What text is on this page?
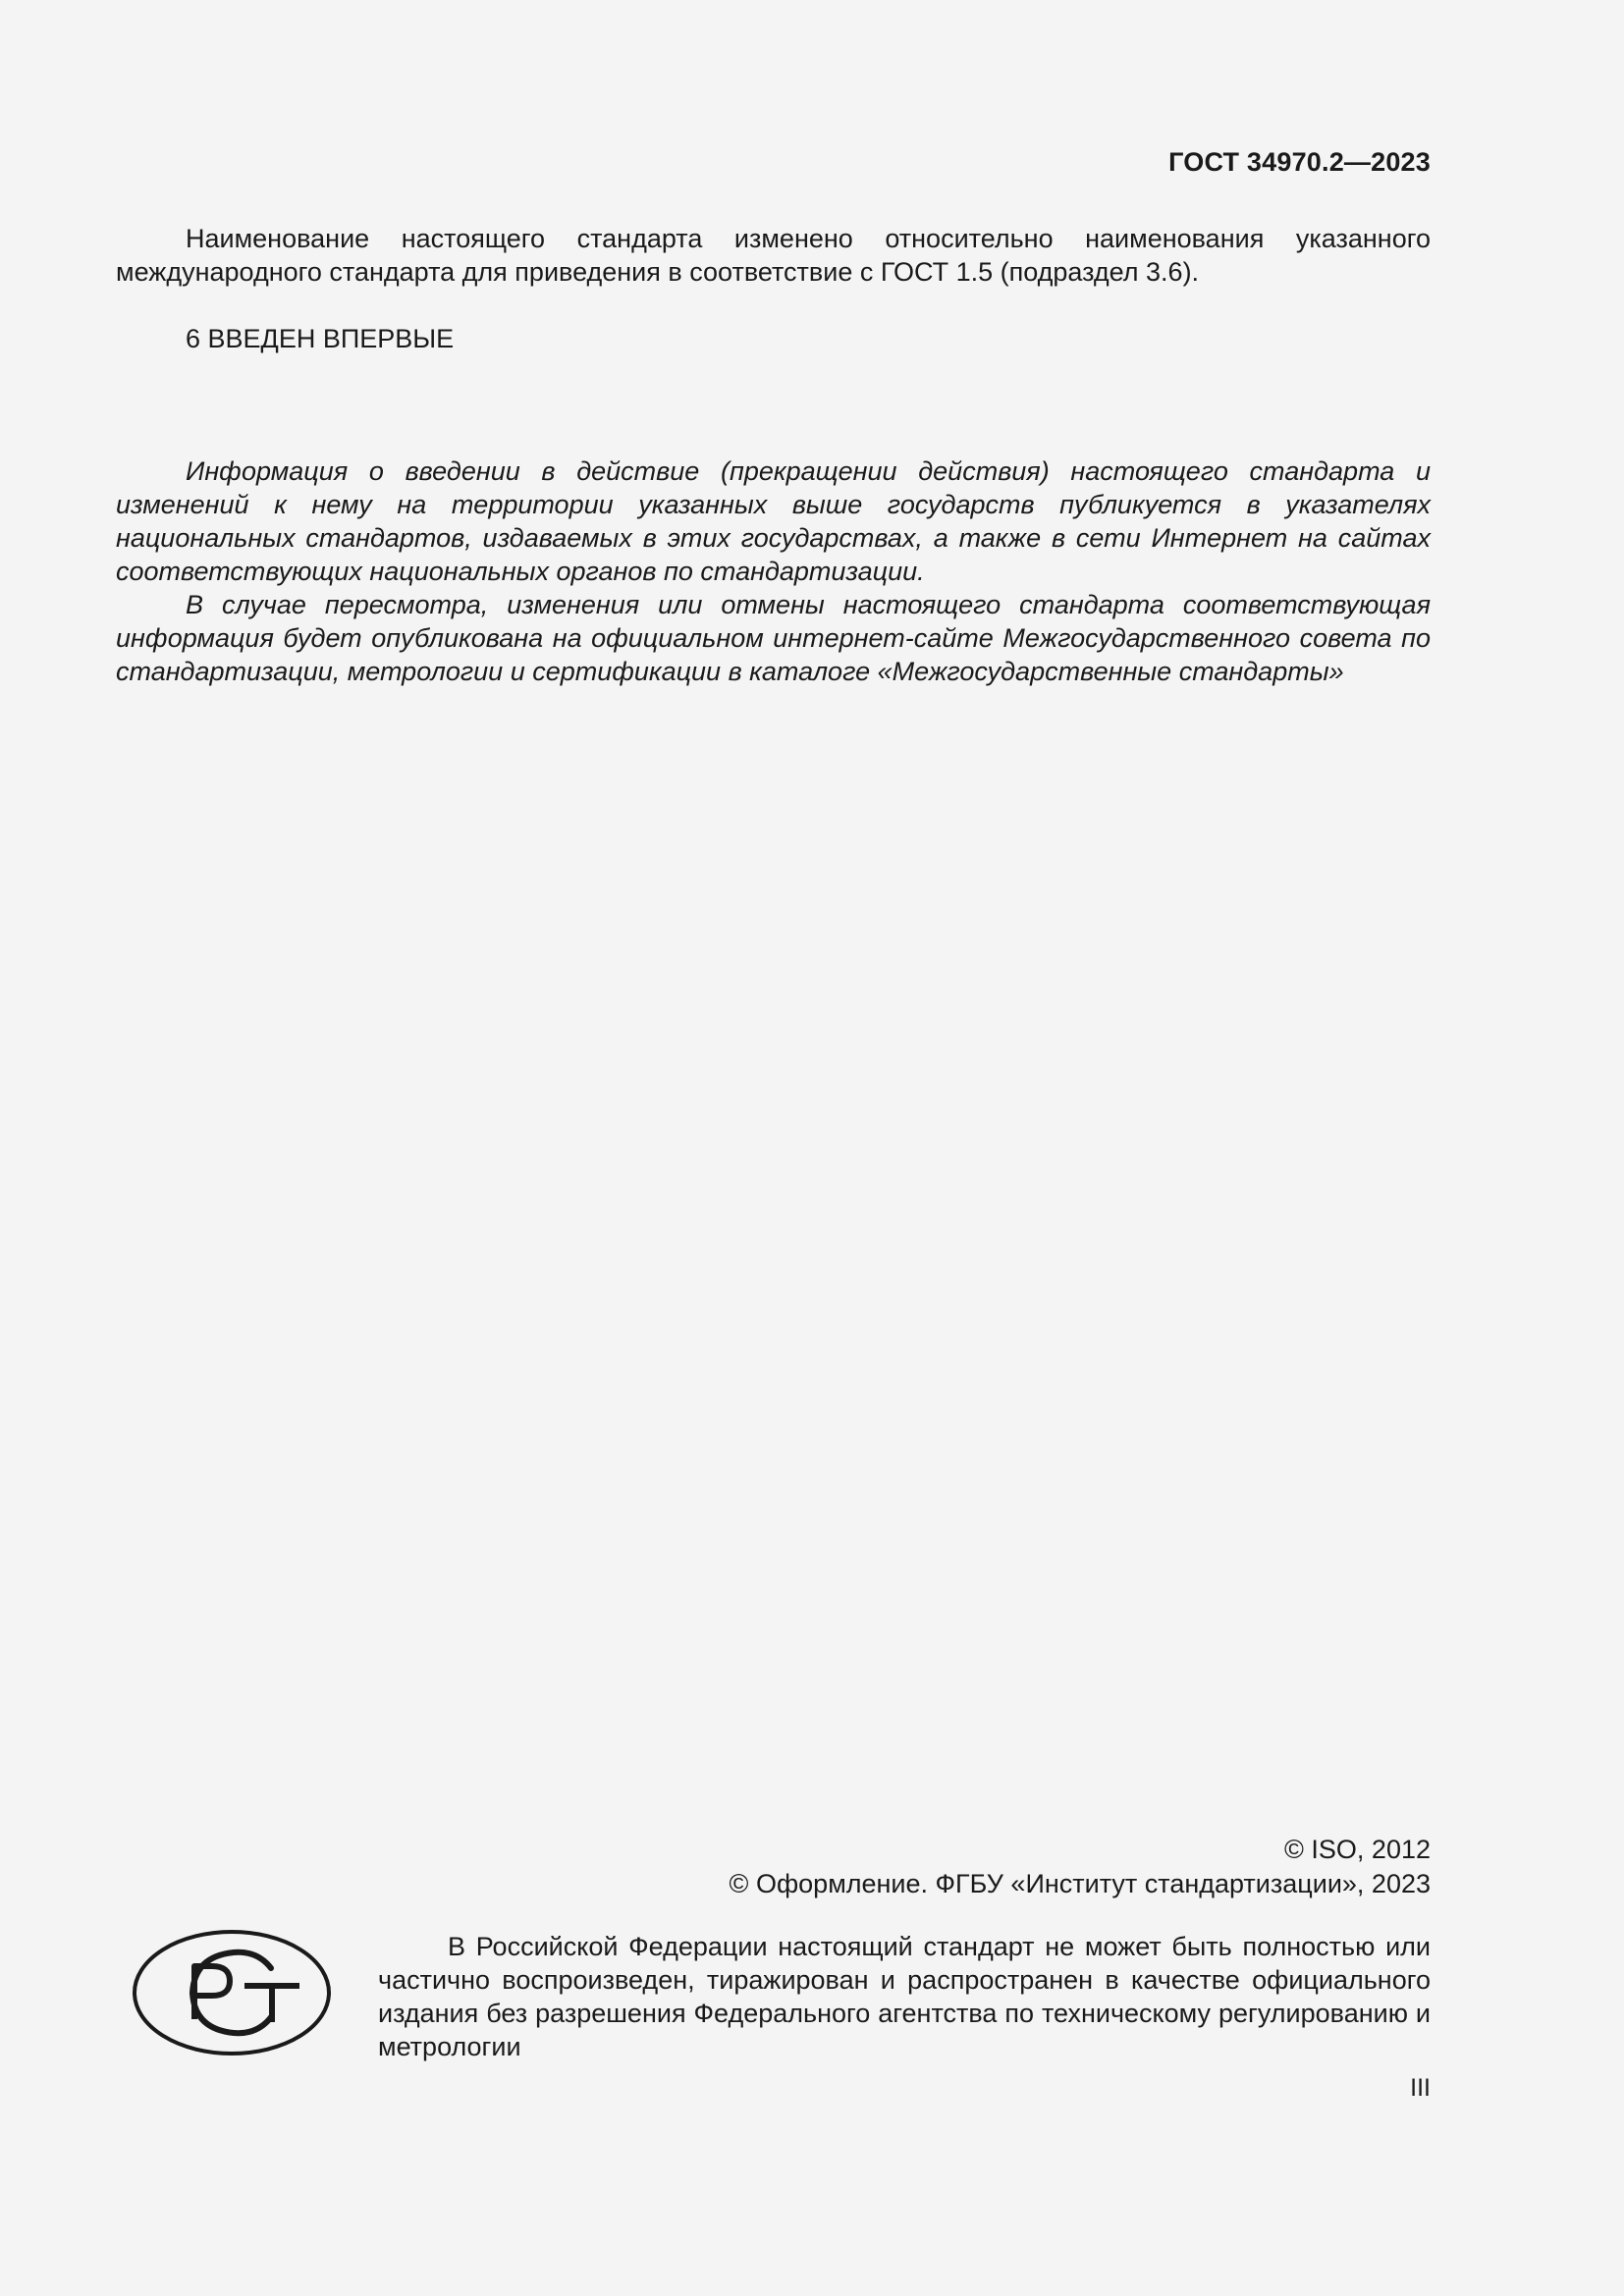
ГОСТ 34970.2—2023

Наименование настоящего стандарта изменено относительно наименования указанного международного стандарта для приведения в соответствие с ГОСТ 1.5 (подраздел 3.6).

6 ВВЕДЕН ВПЕРВЫЕ

Информация о введении в действие (прекращении действия) настоящего стандарта и изменений к нему на территории указанных выше государств публикуется в указателях национальных стандартов, издаваемых в этих государствах, а также в сети Интернет на сайтах соответствующих национальных органов по стандартизации.

В случае пересмотра, изменения или отмены настоящего стандарта соответствующая информация будет опубликована на официальном интернет-сайте Межгосударственного совета по стандартизации, метрологии и сертификации в каталоге «Межгосударственные стандарты»

© ISO, 2012
© Оформление. ФГБУ «Институт стандартизации», 2023

В Российской Федерации настоящий стандарт не может быть полностью или частично воспроизведен, тиражирован и распространен в качестве официального издания без разрешения Федерального агентства по техническому регулированию и метрологии

III
